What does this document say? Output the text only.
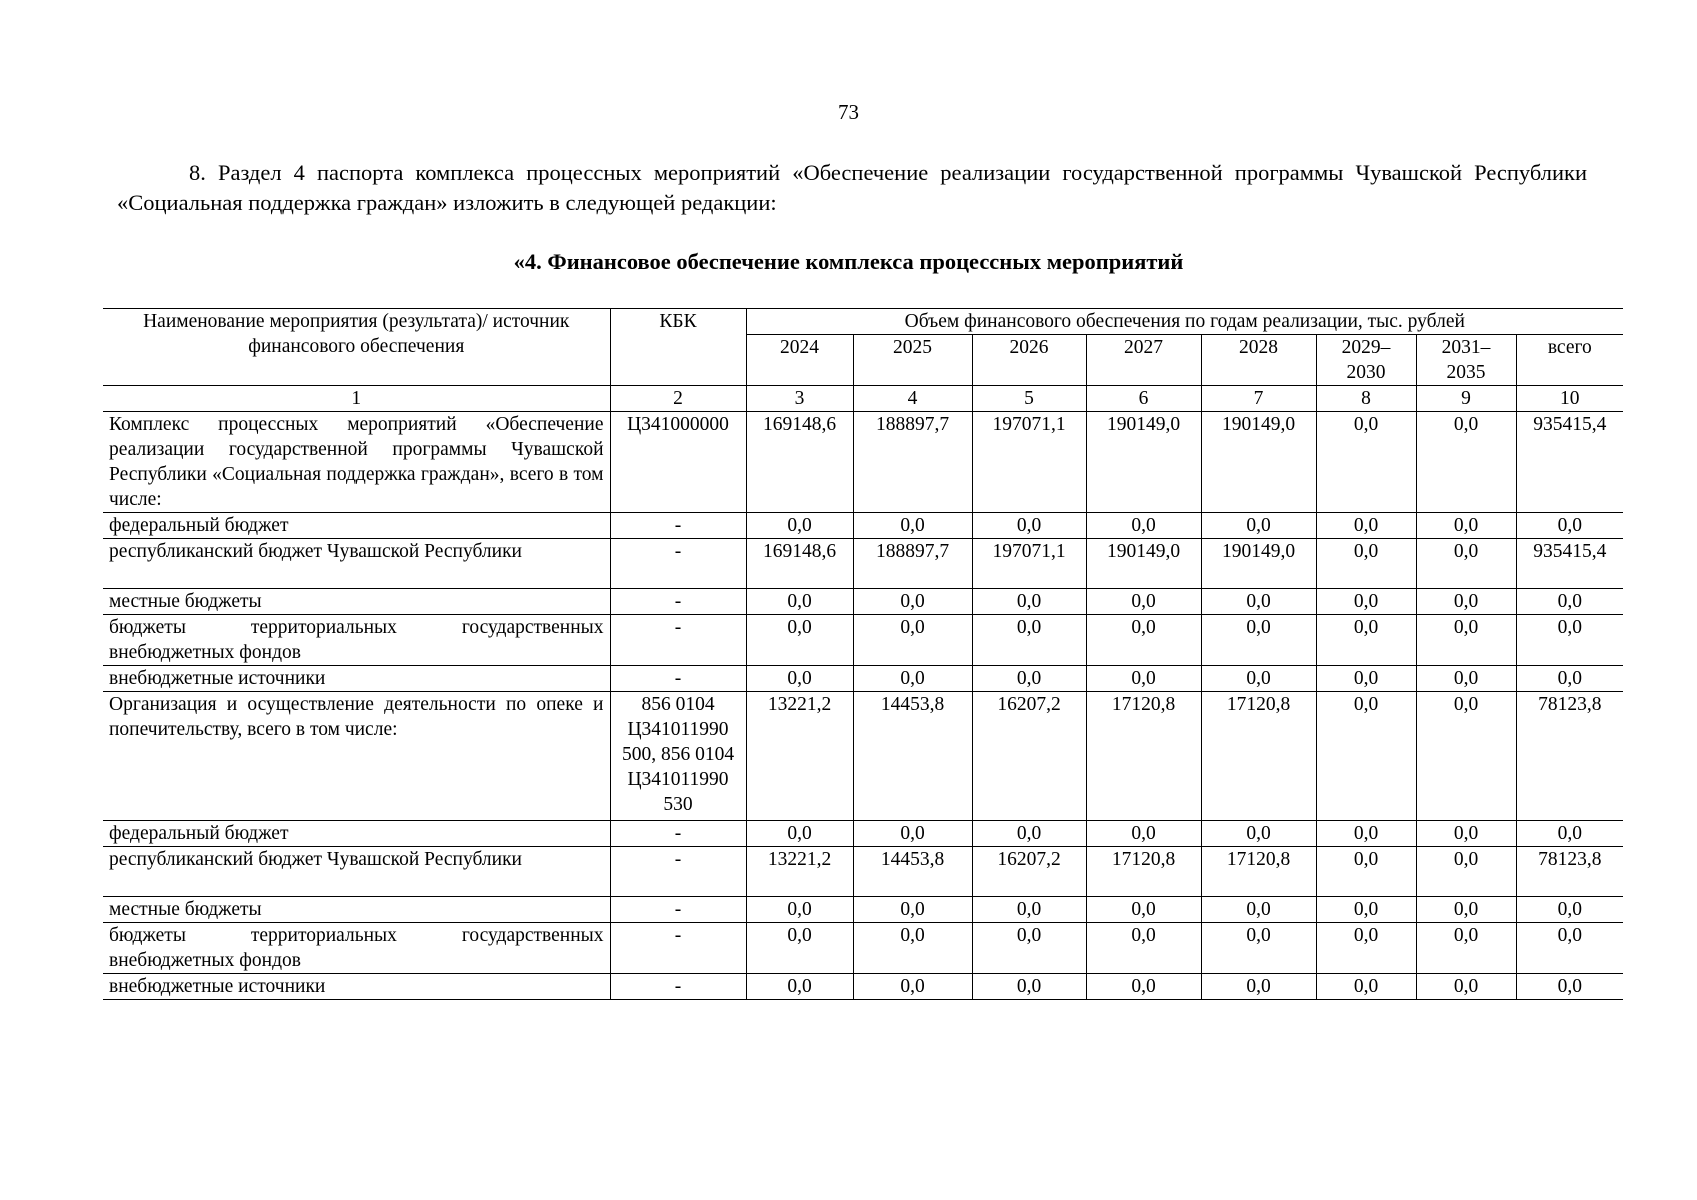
73
8. Раздел 4 паспорта комплекса процессных мероприятий «Обеспечение реализации государственной программы Чувашской Республики «Социальная поддержка граждан» изложить в следующей редакции:
«4. Финансовое обеспечение комплекса процессных мероприятий
Наименование мероприятия (результата)/ источник финансового обеспечения	КБК	Объем финансового обеспечения по годам реализации, тыс. рублей							
		2024	2025	2026	2027	2028	2029– 2030	2031– 2035	всего
1	2	3	4	5	6	7	8	9	10
Комплекс процессных мероприятий «Обеспечение реализации государственной программы Чувашской Республики «Социальная поддержка граждан», всего в том числе:	Ц341000000	169148,6	188897,7	197071,1	190149,0	190149,0	0,0	0,0	935415,4
федеральный бюджет	-	0,0	0,0	0,0	0,0	0,0	0,0	0,0	0,0
республиканский бюджет Чувашской Республики	-	169148,6	188897,7	197071,1	190149,0	190149,0	0,0	0,0	935415,4
местные бюджеты	-	0,0	0,0	0,0	0,0	0,0	0,0	0,0	0,0
бюджеты территориальных государственных внебюджетных фондов	-	0,0	0,0	0,0	0,0	0,0	0,0	0,0	0,0
внебюджетные источники	-	0,0	0,0	0,0	0,0	0,0	0,0	0,0	0,0
Организация и осуществление деятельности по опеке и попечительству, всего в том числе:	856 0104 Ц341011990 500, 856 0104 Ц341011990 530	13221,2	14453,8	16207,2	17120,8	17120,8	0,0	0,0	78123,8
федеральный бюджет	-	0,0	0,0	0,0	0,0	0,0	0,0	0,0	0,0
республиканский бюджет Чувашской Республики	-	13221,2	14453,8	16207,2	17120,8	17120,8	0,0	0,0	78123,8
местные бюджеты	-	0,0	0,0	0,0	0,0	0,0	0,0	0,0	0,0
бюджеты территориальных государственных внебюджетных фондов	-	0,0	0,0	0,0	0,0	0,0	0,0	0,0	0,0
внебюджетные источники	-	0,0	0,0	0,0	0,0	0,0	0,0	0,0	0,0
